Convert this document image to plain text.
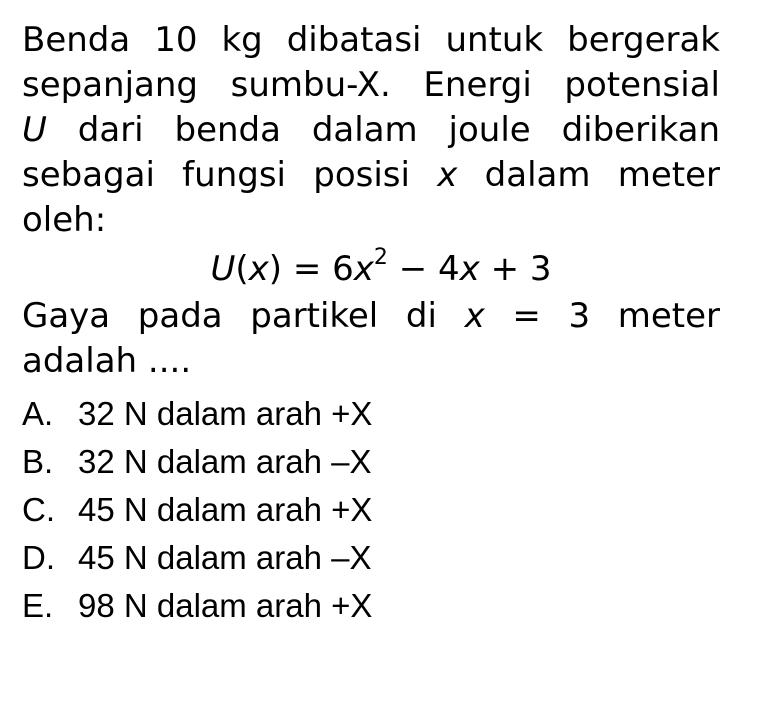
Benda 10 kg dibatasi untuk bergerak
sepanjang sumbu-X. Energi potensial
U dari benda dalam joule diberikan
sebagai fungsi posisi x dalam meter
oleh:

$U(x) = 6x^2 - 4x + 3$

Gaya pada partikel di x = 3 meter
adalah ....

A. 32 N dalam arah +X
B. 32 N dalam arah –X
C. 45 N dalam arah +X
D. 45 N dalam arah –X
E. 98 N dalam arah +X
